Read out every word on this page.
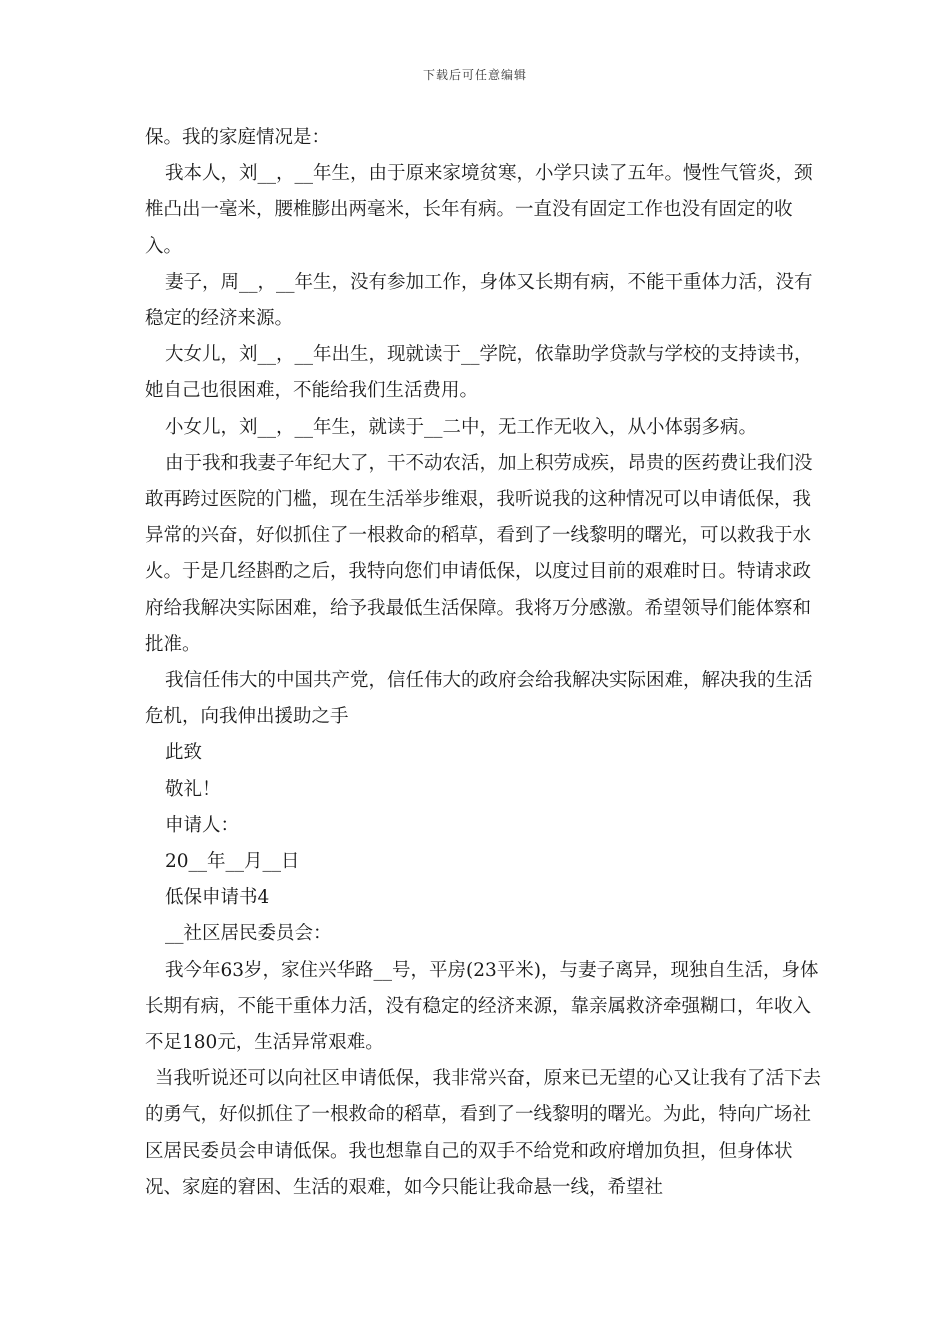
下载后可任意编辑

保。我的家庭情况是：

我本人，刘__，__年生，由于原来家境贫寒，小学只读了五年。慢性气管炎，颈椎凸出一毫米，腰椎膨出两毫米，长年有病。一直没有固定工作也没有固定的收入。

妻子，周__，__年生，没有参加工作，身体又长期有病，不能干重体力活，没有稳定的经济来源。

大女儿，刘__，__年出生，现就读于__学院，依靠助学贷款与学校的支持读书，她自己也很困难，不能给我们生活费用。

小女儿，刘__，__年生，就读于__二中，无工作无收入，从小体弱多病。

由于我和我妻子年纪大了，干不动农活，加上积劳成疾，昂贵的医药费让我们没敢再跨过医院的门槛，现在生活举步维艰，我听说我的这种情况可以申请低保，我异常的兴奋，好似抓住了一根救命的稻草，看到了一线黎明的曙光，可以救我于水火。于是几经斟酌之后，我特向您们申请低保，以度过目前的艰难时日。特请求政府给我解决实际困难，给予我最低生活保障。我将万分感激。希望领导们能体察和批准。

我信任伟大的中国共产党，信任伟大的政府会给我解决实际困难，解决我的生活危机，向我伸出援助之手

此致

敬礼！

申请人：

20__年__月__日

低保申请书4

__社区居民委员会：

我今年63岁，家住兴华路__号，平房(23平米)，与妻子离异，现独自生活，身体长期有病，不能干重体力活，没有稳定的经济来源，靠亲属救济牵强糊口，年收入不足180元，生活异常艰难。

当我听说还可以向社区申请低保，我非常兴奋，原来已无望的心又让我有了活下去的勇气，好似抓住了一根救命的稻草，看到了一线黎明的曙光。为此，特向广场社区居民委员会申请低保。我也想靠自己的双手不给党和政府增加负担，但身体状况、家庭的窘困、生活的艰难，如今只能让我命悬一线，希望社
